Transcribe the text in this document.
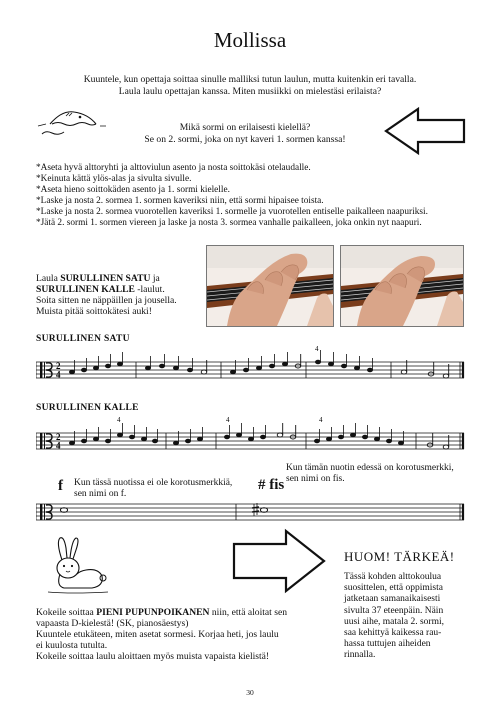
Mollissa
Kuuntele, kun opettaja soittaa sinulle malliksi tutun laulun, mutta kuitenkin eri tavalla.
Laula laulu opettajan kanssa. Miten musiikki on mielestäsi erilaista?
Mikä sormi on erilaisesti kielellä?
Se on 2. sormi, joka on nyt kaveri 1. sormen kanssa!
*Aseta hyvä alttoryhti ja alttoviulun asento ja nosta soittokäsi otelaudalle.
*Keinuta kättä ylös-alas ja sivulta sivulle.
*Aseta hieno soittokäden asento ja 1. sormi kielelle.
*Laske ja nosta 2. sormea 1. sormen kaveriksi niin, että sormi hipaisee toista.
*Laske ja nosta 2. sormea vuorotellen kaveriksi 1. sormelle ja vuorotellen entiselle paikalleen naapuriksi.
*Jätä 2. sormi 1. sormen viereen ja laske ja nosta 3. sormea vanhalle paikalleen, joka onkin nyt naapuri.
Laula SURULLINEN SATU ja
SURULLINEN KALLE -laulut.
Soita sitten ne näppäillen ja jousella.
Muista pitää soittokätesi auki!
SURULLINEN SATU
2
4
4
SURULLINEN KALLE
2
4
4	4	4
f Kun tässä nuotissa ei ole korotusmerkkiä,
sen nimi on f.
# fis
Kun tämän nuotin edessä on korotusmerkki,
sen nimi on fis.
HUOM! TÄRKEÄ!
Tässä kohden alttokoulua
suosittelen, että oppimista
jatketaan samanaikaisesti
sivulta 37 eteenpäin. Näin
uusi aihe, matala 2. sormi,
saa kehittyä kaikessa rau-
hassa tuttujen aiheiden
rinnalla.
Kokeile soittaa PIENI PUPUNPOIKANEN niin, että aloitat sen
vapaasta D-kielestä! (SK, pianosäestys)
Kuuntele etukäteen, miten asetat sormesi. Korjaa heti, jos laulu
ei kuulosta tutulta.
Kokeile soittaa laulu aloittaen myös muista vapaista kielistä!
30
